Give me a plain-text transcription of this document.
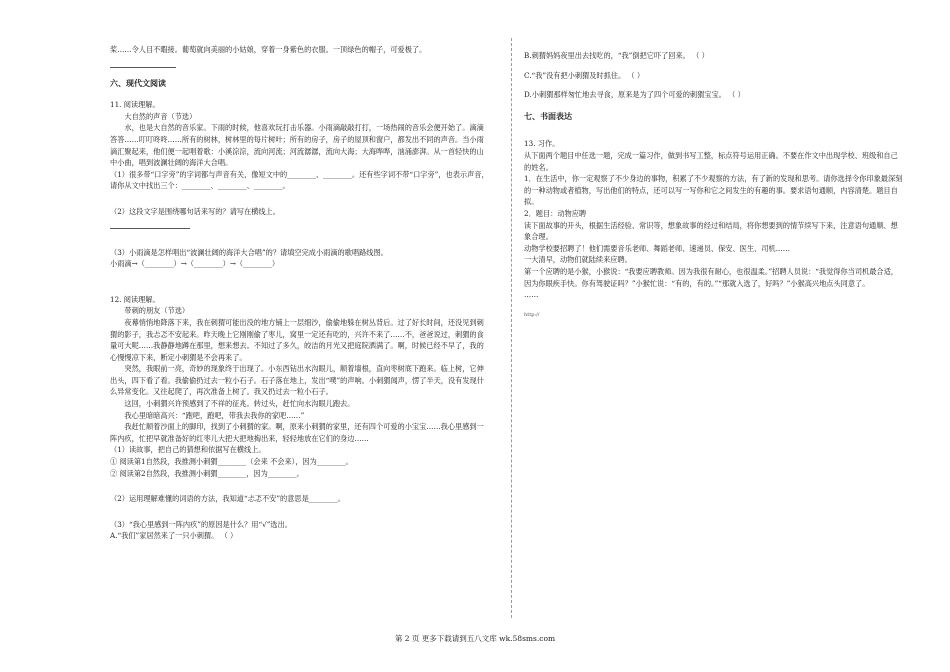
桨……令人目不暇接。葡萄就向美丽的小姑娘，穿着一身紫色的衣服。一顶绿色的帽子，可爱极了。

六、现代文阅读

11. 阅读理解。

大自然的声音（节选）

水，也是大自然的音乐家。下雨的时候，他喜欢玩打击乐器。小雨滴敲敲打打，一场热闹的音乐会便开始了。滴滴答答……叮叮咚咚……所有的树林，树林里的每片树叶；所有的房子，房子的屋顶和窗户，都发出不同的声音。当小雨滴汇聚起来，他们便一起唱着歌：小溪淙淙，流向河流；河流潺潺，流向大海；大海哗哗，汹涌澎湃。从一首轻快的山中小曲，唱到波澜壮阔的海洋大合唱。

（1）很多带“口字旁”的字词都与声音有关，像短文中的________、________。还有些字词不带“口字旁”，也表示声音，请你从文中找出三个：________、________、________。

（2）这段文字是围绕哪句话来写的？请写在横线上。

（3）小雨滴是怎样唱出“波澜壮阔的海洋大合唱”的？请填空完成小雨滴的歌唱路线图。

小雨滴→（________）→（________）→（________）

12. 阅读理解。

带刺的朋友（节选）

夜幕悄悄地降落下来，我在刺猬可能出没的地方铺上一层细沙，偷偷地躲在树丛背后。过了好长时间，还没见到刺猬的影子，我忐忑不安起来。昨天晚上它刚刚偷了枣儿，窝里一定还有吃的，兴许不来了……不，爸爸说过，刺猬的食量可大呢……我静静地蹲在那里，想来想去。不知过了多久，皎洁的月光又把庭院洒满了。啊，时候已经不早了，我的心慢慢凉下来，断定小刺猬是不会再来了。

突然，我眼前一亮，奇妙的现象终于出现了。小东西钻出水沟眼儿，顺着墙根，直向枣树底下跑来。临上树，它伸出头，四下看了看。我偷偷扔过去一粒小石子。石子落在地上，发出“噗”的声响。小刺猬闻声，愣了半天，没有发现什么异常变化。又往起爬了，再次准备上树了。我又扔过去一粒小石子。

这回，小刺猬兴许预感到了不祥的征兆。转过头，赶忙向水沟眼儿跑去。

我心里暗暗高兴：“跑吧，跑吧，带我去我你的家吧……”

我赶忙顺着沙面上的脚印，找到了小刺猬的家。啊，原来小刺猬的家里，还有四个可爱的小宝宝……我心里感到一阵内疚，忙把早就准备好的红枣儿大把大把地掏出来，轻轻地放在它们的身边……

（1）读故事，把自己的猜想和依据写在横线上。

① 阅读第1自然段，我推测小刺猬________（会来 不会来），因为________。

② 阅读第2自然段，我推测小刺猬________，因为________。

（2）运用理解难懂的词语的方法，我知道“忐忑不安”的意思是________。

（3）“我心里感到一阵内疚”的原因是什么？用“√”选出。

A.“我们”家居然来了一只小刺猬。 （ ）

B.刺猬妈妈夜里出去找吃的，“我”倒把它吓了回来。 （ ）

C.“我”没有把小刺猬及时抓住。 （ ）

D.小刺猬那样匆忙地去寻食，原来是为了四个可爱的刺猬宝宝。 （ ）

七、书面表达

13. 习作。

从下面两个题目中任选一题，完成一篇习作，做到书写工整，标点符号运用正确。不要在作文中出现学校、班级和自己的姓名。

1．在生活中，你一定观察了不少身边的事物，积累了不少观察的方法，有了新的发现和思考。请你选择令你印象最深刻的一种动物或者植物，写出他们的特点，还可以写一写你和它之间发生的有趣的事。要求语句通顺，内容清楚。题目自拟。

2．题目：动物应聘

读下面故事的开头，根据生活经验、常识等，想象故事的经过和结局，将你想要到的情节续写下来，注意语句通顺、想象合理。

动物学校要招聘了！他们需要音乐老师、舞蹈老师、速递员、保安、医生、司机……

一大清早，动物们就陆续来应聘。

第一个应聘的是小猴，小猴说：“我要应聘教师。因为我很有耐心，也很温柔。”招聘人员说：“我觉得你当司机最合适，因为你眼疾手快。你有驾驶证吗？”小猴忙说：“有的，有的。”“那就入选了，好吗？”小猴高兴地点头同意了。

……

http://

第 2 页 更多下载请到五八文库 wk.58sms.com
